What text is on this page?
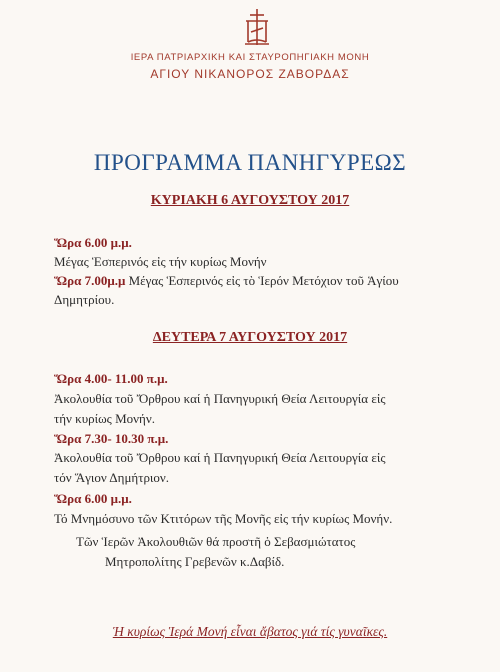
ΙΕΡΑ ΠΑΤΡΙΑΡΧΙΚΗ ΚΑΙ ΣΤΑΥΡΟΠΗΓΙΑΚΗ ΜΟΝΗ
ΑΓΙΟΥ ΝΙΚΑΝΟΡΟΣ ΖΑΒΟΡΔΑΣ
ΠΡΟΓΡΑΜΜΑ ΠΑΝΗΓΥΡΕΩΣ
ΚΥΡΙΑΚΗ 6 ΑΥΓΟΥΣΤΟΥ 2017
Ὥρα 6.00 μ.μ.
Μέγας Ἑσπερινός εἰς τήν κυρίως Μονήν
Ὥρα 7.00μ.μ Μέγας Ἑσπερινός εἰς τὸ Ἱερόν Μετόχιον τοῦ Ἁγίου
Δημητρίου.
ΔΕΥΤΕΡΑ 7 ΑΥΓΟΥΣΤΟΥ 2017
Ὥρα 4.00- 11.00 π.μ.
Ἀκολουθία τοῦ Ὄρθρου καί ἡ Πανηγυρική Θεία Λειτουργία εἰς
τήν κυρίως Μονήν.
Ὥρα 7.30- 10.30 π.μ.
Ἀκολουθία τοῦ Ὄρθρου καί ἡ Πανηγυρική Θεία Λειτουργία εἰς
τόν Ἅγιον Δημήτριον.
Ὥρα 6.00 μ.μ.
Τό Μνημόσυνο τῶν Κτιτόρων τῆς Μονῆς εἰς τήν κυρίως Μονήν.
Τῶν Ἱερῶν Ἀκολουθιῶν θά προστῆ ὁ Σεβασμιώτατος
Μητροπολίτης Γρεβενῶν κ.Δαβίδ.
Ἡ κυρίως Ἱερά Μονή εἶναι ἄβατος γιά τίς γυναῖκες.
